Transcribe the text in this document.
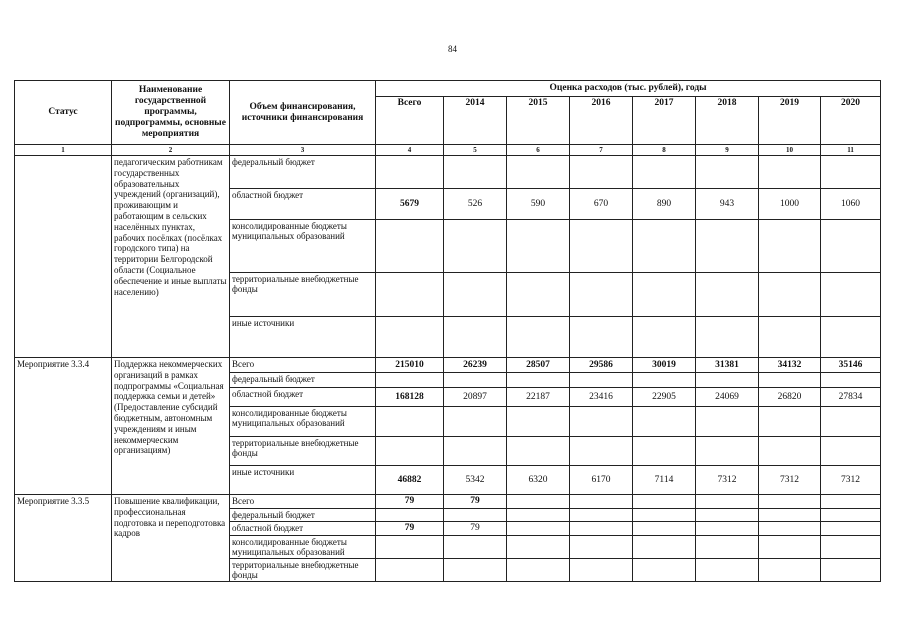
84
Статус	Наименование государственной программы, подпрограммы, основные мероприятия	Объем финансирования, источники финансирования	Оценка расходов (тыс. рублей), годы							
			Всего	2014	2015	2016	2017	2018	2019	2020
1	2	3	4	5	6	7	8	9	10	11
	педагогическим работникам государственных образовательных учреждений (организаций), проживающим и работающим в сельских населённых пунктах, рабочих посёлках (посёлках городского типа) на территории Белгородской области (Социальное обеспечение и иные выплаты населению)	федеральный бюджет								
		областной бюджет	5679	526	590	670	890	943	1000	1060
		консолидированные бюджеты муниципальных образований								
		территориальные внебюджетные фонды								
		иные источники								
Мероприятие 3.3.4	Поддержка некоммерческих организаций в рамках подпрограммы «Социальная поддержка семьи и детей» (Предоставление субсидий бюджетным, автономным учреждениям и иным некоммерческим организациям)	Всего	215010	26239	28507	29586	30019	31381	34132	35146
		федеральный бюджет								
		областной бюджет	168128	20897	22187	23416	22905	24069	26820	27834
		консолидированные бюджеты муниципальных образований								
		территориальные внебюджетные фонды								
		иные источники	46882	5342	6320	6170	7114	7312	7312	7312
Мероприятие 3.3.5	Повышение квалификации, профессиональная подготовка и переподготовка кадров	Всего	79	79						
		федеральный бюджет								
		областной бюджет	79	79						
		консолидированные бюджеты муниципальных образований								
		территориальные внебюджетные фонды								
